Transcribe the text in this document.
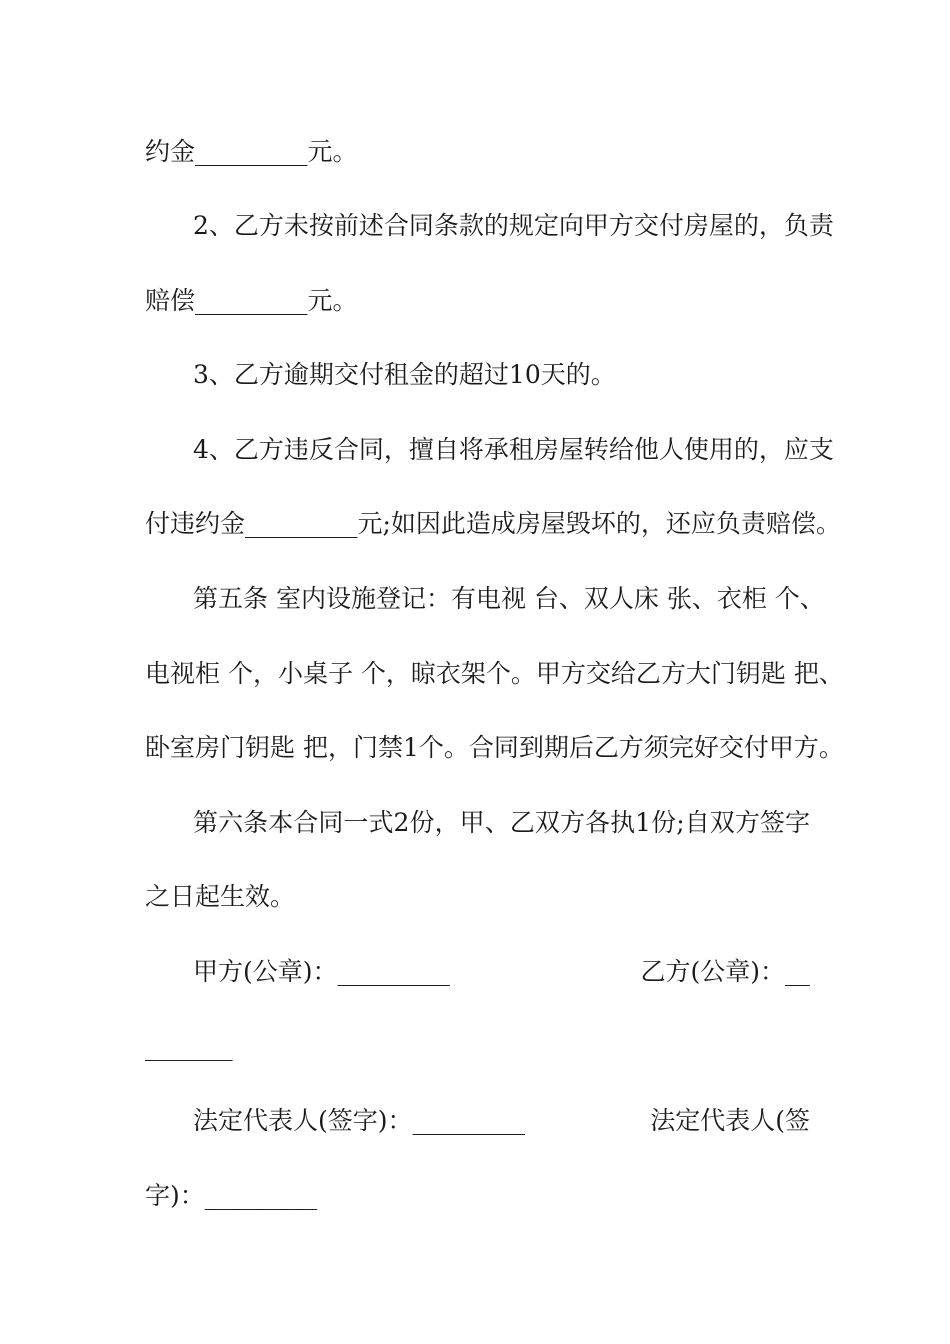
约金_________元。
2、乙方未按前述合同条款的规定向甲方交付房屋的，负责
赔偿_________元。
3、乙方逾期交付租金的超过10天的。
4、乙方违反合同，擅自将承租房屋转给他人使用的，应支
付违约金_________元;如因此造成房屋毁坏的，还应负责赔偿。
第五条 室内设施登记：有电视 台、双人床 张、衣柜 个、
电视柜 个，小桌子 个，晾衣架个。甲方交给乙方大门钥匙 把、
卧室房门钥匙 把，门禁1个。合同到期后乙方须完好交付甲方。
第六条本合同一式2份，甲、乙双方各执1份;自双方签字
之日起生效。
甲方(公章)：_________	乙方(公章)：__
_______
法定代表人(签字)：_________	法定代表人(签
字)：_________
